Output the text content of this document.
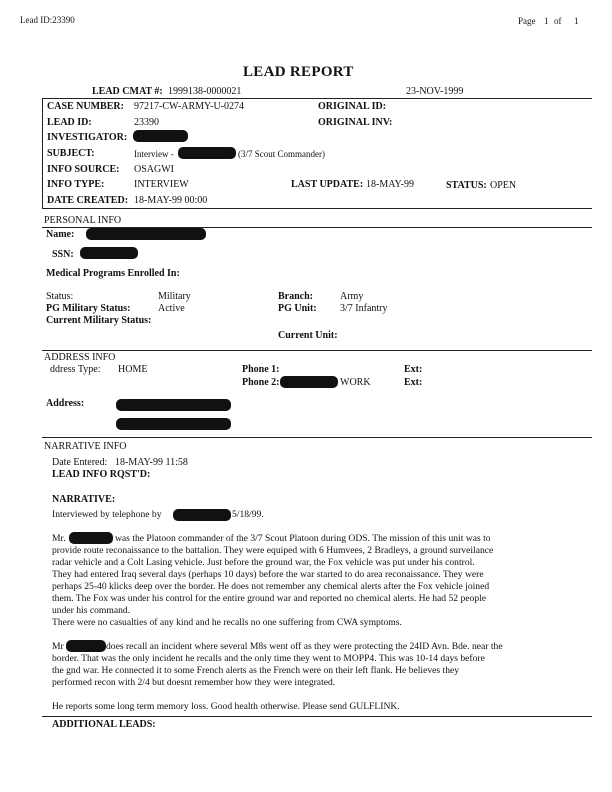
Lead ID:23390	Page 1 of 1
LEAD REPORT
LEAD CMAT #: 1999138-0000021	23-NOV-1999
CASE NUMBER: 97217-CW-ARMY-U-0274	ORIGINAL ID:
LEAD ID:	23390	ORIGINAL INV:
INVESTIGATOR:
SUBJECT:	Interview -	(3/7 Scout Commander)
INFO SOURCE: OSAGWI
INFO TYPE:	INTERVIEW	LAST UPDATE: 18-MAY-99	STATUS: OPEN
DATE CREATED: 18-MAY-99 00:00
PERSONAL INFO
Name:
SSN:
Medical Programs Enrolled In:
Status:	Military	Branch:	Army
PG Military Status:	Active	PG Unit: 3/7 Infantry
Current Military Status:
Current Unit:
ADDRESS INFO
ddress Type: HOME	Phone 1:	Ext:
Phone 2:	WORK	Ext:
Address:
NARRATIVE INFO
Date Entered: 18-MAY-99 11:58
LEAD INFO RQST'D:
NARRATIVE:
Interviewed by telephone by	5/18/99.
Mr.	was the Platoon commander of the 3/7 Scout Platoon during ODS. The mission of this unit was to
provide route reconaissance to the battalion. They were equiped with 6 Humvees, 2 Bradleys, a ground surveilance
radar vehicle and a Colt Lasing vehicle. Just before the ground war, the Fox vehicle was put under his control.
They had entered Iraq several days (perhaps 10 days) before the war started to do area reconaissance. They were
perhaps 25-40 klicks deep over the border. He does not remember any chemical alerts after the Fox vehicle joined
them. The Fox was under his control for the entire ground war and reported no chemical alerts. He had 52 people
under his command.
There were no casualties of any kind and he recalls no one suffering from CWA symptoms.
Mr	does recall an incident where several M8s went off as they were protecting the 24ID Avn. Bde. near the
border. That was the only incident he recalls and the only time they went to MOPP4. This was 10-14 days before
the gnd war. He connected it to some French alerts as the French were on their left flank. He believes they
performed recon with 2/4 but doesnt remember how they were integrated.
He reports some long term memory loss. Good health otherwise. Please send GULFLINK.
ADDITIONAL LEADS:
